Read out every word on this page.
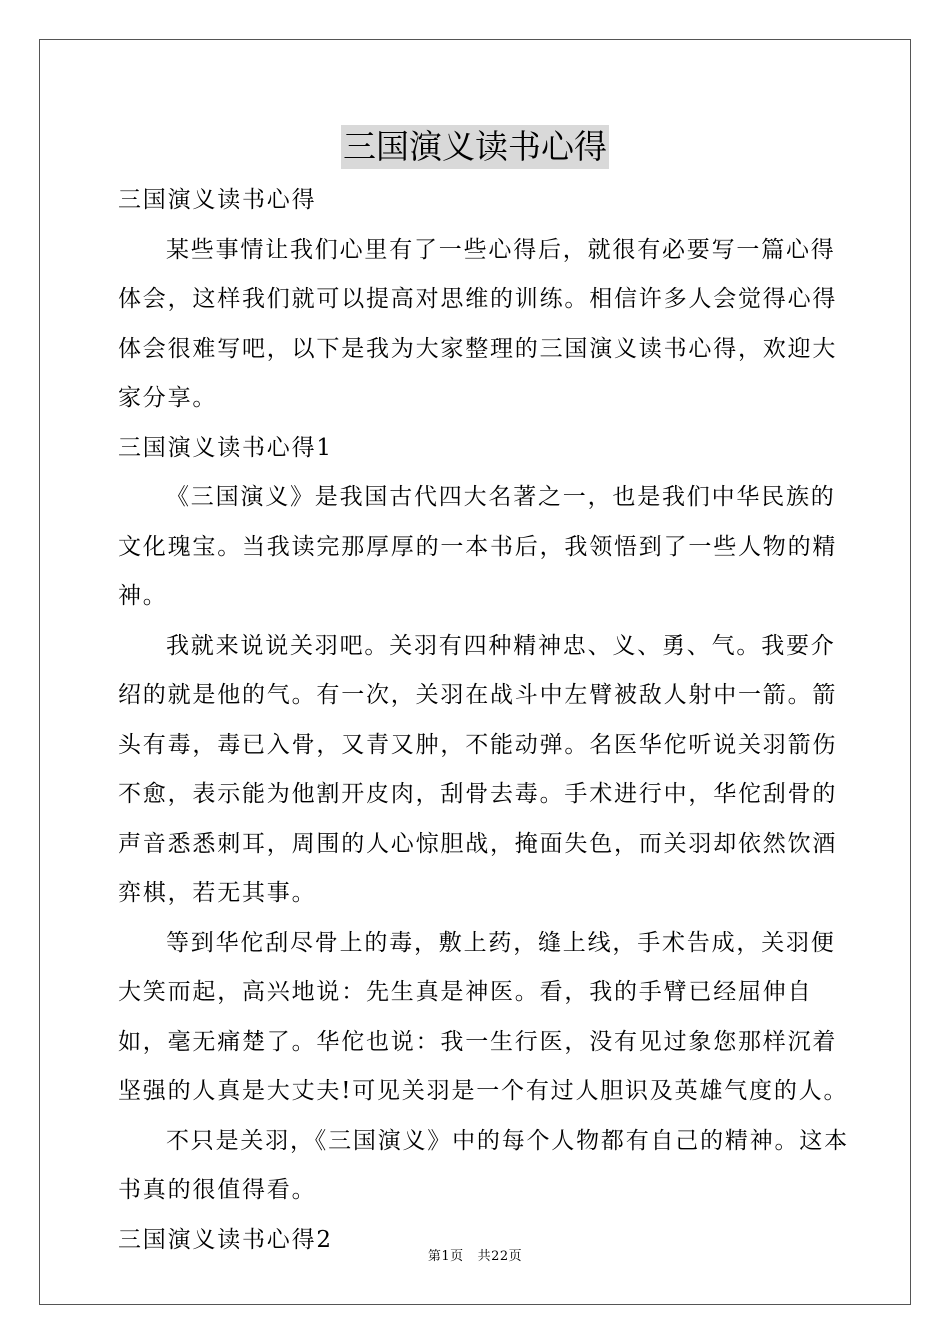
三国演义读书心得

三国演义读书心得

某些事情让我们心里有了一些心得后，就很有必要写一篇心得体会，这样我们就可以提高对思维的训练。相信许多人会觉得心得体会很难写吧，以下是我为大家整理的三国演义读书心得，欢迎大家分享。

三国演义读书心得1

《三国演义》是我国古代四大名著之一，也是我们中华民族的文化瑰宝。当我读完那厚厚的一本书后，我领悟到了一些人物的精神。

我就来说说关羽吧。关羽有四种精神忠、义、勇、气。我要介绍的就是他的气。有一次，关羽在战斗中左臂被敌人射中一箭。箭头有毒，毒已入骨，又青又肿，不能动弹。名医华佗听说关羽箭伤不愈，表示能为他割开皮肉，刮骨去毒。手术进行中，华佗刮骨的声音悉悉刺耳，周围的人心惊胆战，掩面失色，而关羽却依然饮酒弈棋，若无其事。

等到华佗刮尽骨上的毒，敷上药，缝上线，手术告成，关羽便大笑而起，高兴地说：先生真是神医。看，我的手臂已经屈伸自如，毫无痛楚了。华佗也说：我一生行医，没有见过象您那样沉着坚强的人真是大丈夫!可见关羽是一个有过人胆识及英雄气度的人。

不只是关羽，《三国演义》中的每个人物都有自己的精神。这本书真的很值得看。

三国演义读书心得2

第1页 共22页
